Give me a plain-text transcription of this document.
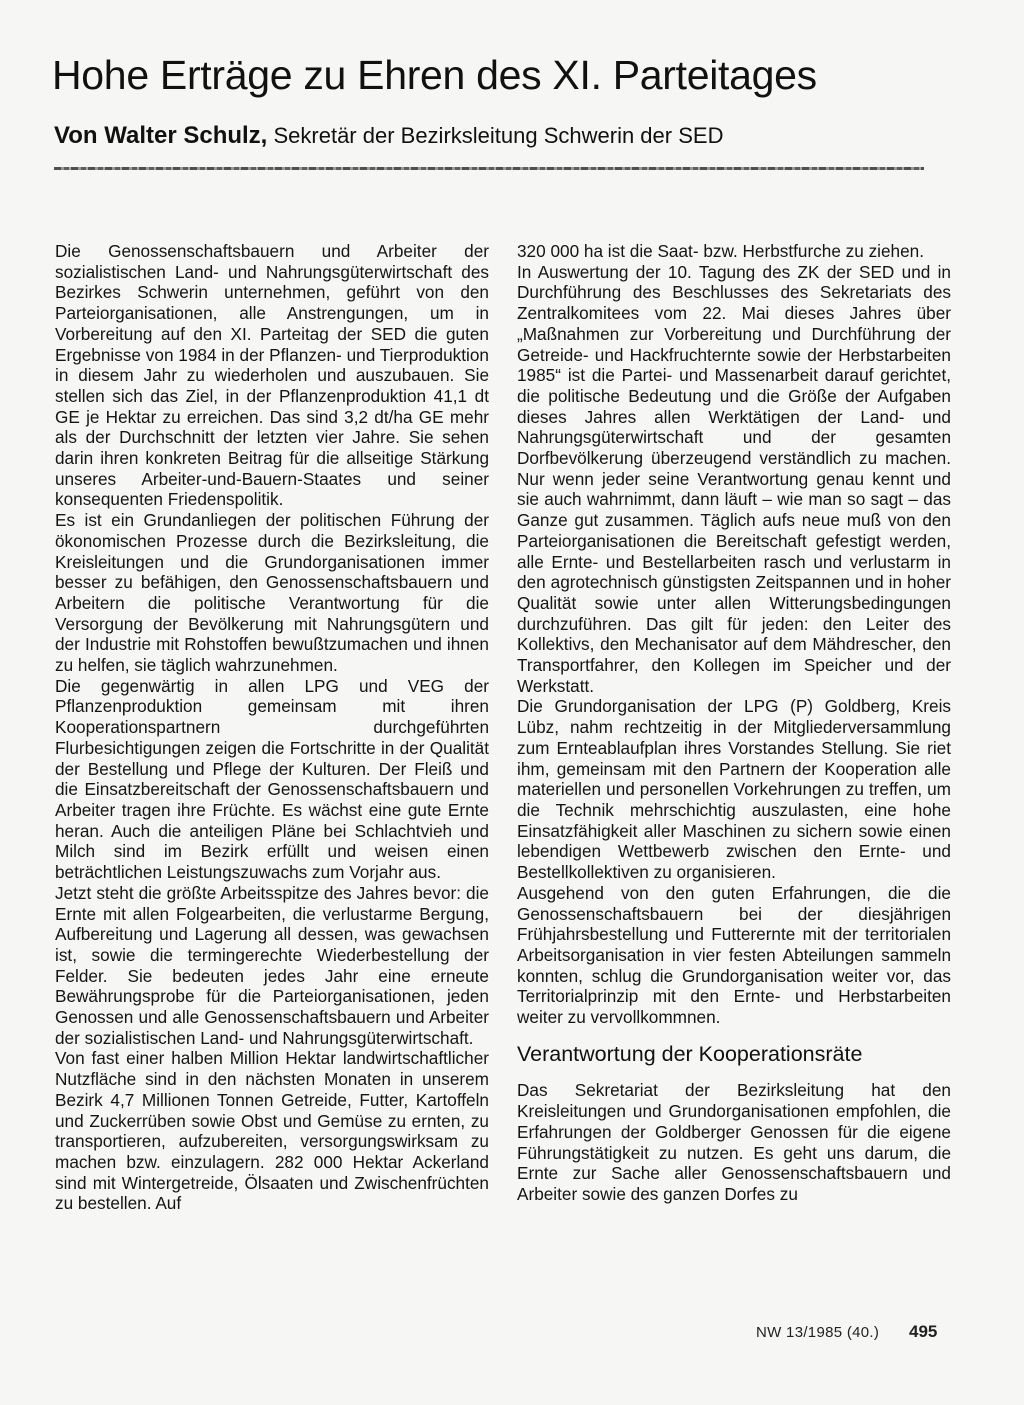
Hohe Erträge zu Ehren des XI. Parteitages
Von Walter Schulz, Sekretär der Bezirksleitung Schwerin der SED

Die Genossenschaftsbauern und Arbeiter der sozialistischen Land- und Nahrungsgüterwirtschaft des Bezirkes Schwerin unternehmen, geführt von den Parteiorganisationen, alle Anstrengungen, um in Vorbereitung auf den XI. Parteitag der SED die guten Ergebnisse von 1984 in der Pflanzen- und Tierproduktion in diesem Jahr zu wiederholen und auszubauen. Sie stellen sich das Ziel, in der Pflanzenproduktion 41,1 dt GE je Hektar zu erreichen. Das sind 3,2 dt/ha GE mehr als der Durchschnitt der letzten vier Jahre. Sie sehen darin ihren konkreten Beitrag für die allseitige Stärkung unseres Arbeiter-und-Bauern-Staates und seiner konsequenten Friedenspolitik.

Es ist ein Grundanliegen der politischen Führung der ökonomischen Prozesse durch die Bezirksleitung, die Kreisleitungen und die Grundorganisationen immer besser zu befähigen, den Genossenschaftsbauern und Arbeitern die politische Verantwortung für die Versorgung der Bevölkerung mit Nahrungsgütern und der Industrie mit Rohstoffen bewußtzumachen und ihnen zu helfen, sie täglich wahrzunehmen.

Die gegenwärtig in allen LPG und VEG der Pflanzenproduktion gemeinsam mit ihren Kooperationspartnern durchgeführten Flurbesichtigungen zeigen die Fortschritte in der Qualität der Bestellung und Pflege der Kulturen. Der Fleiß und die Einsatzbereitschaft der Genossenschaftsbauern und Arbeiter tragen ihre Früchte. Es wächst eine gute Ernte heran. Auch die anteiligen Pläne bei Schlachtvieh und Milch sind im Bezirk erfüllt und weisen einen beträchtlichen Leistungszuwachs zum Vorjahr aus.

Jetzt steht die größte Arbeitsspitze des Jahres bevor: die Ernte mit allen Folgearbeiten, die verlustarme Bergung, Aufbereitung und Lagerung all dessen, was gewachsen ist, sowie die termingerechte Wiederbestellung der Felder. Sie bedeuten jedes Jahr eine erneute Bewährungsprobe für die Parteiorganisationen, jeden Genossen und alle Genossenschaftsbauern und Arbeiter der sozialistischen Land- und Nahrungsgüterwirtschaft.

Von fast einer halben Million Hektar landwirtschaftlicher Nutzfläche sind in den nächsten Monaten in unserem Bezirk 4,7 Millionen Tonnen Getreide, Futter, Kartoffeln und Zuckerrüben sowie Obst und Gemüse zu ernten, zu transportieren, aufzubereiten, versorgungswirksam zu machen bzw. einzulagern. 282 000 Hektar Ackerland sind mit Wintergetreide, Ölsaaten und Zwischenfrüchten zu bestellen. Auf

320 000 ha ist die Saat- bzw. Herbstfurche zu ziehen.

In Auswertung der 10. Tagung des ZK der SED und in Durchführung des Beschlusses des Sekretariats des Zentralkomitees vom 22. Mai dieses Jahres über „Maßnahmen zur Vorbereitung und Durchführung der Getreide- und Hackfruchternte sowie der Herbstarbeiten 1985“ ist die Partei- und Massenarbeit darauf gerichtet, die politische Bedeutung und die Größe der Aufgaben dieses Jahres allen Werktätigen der Land- und Nahrungsgüterwirtschaft und der gesamten Dorfbevölkerung überzeugend verständlich zu machen. Nur wenn jeder seine Verantwortung genau kennt und sie auch wahrnimmt, dann läuft – wie man so sagt – das Ganze gut zusammen. Täglich aufs neue muß von den Parteiorganisationen die Bereitschaft gefestigt werden, alle Ernte- und Bestellarbeiten rasch und verlustarm in den agrotechnisch günstigsten Zeitspannen und in hoher Qualität sowie unter allen Witterungsbedingungen durchzuführen. Das gilt für jeden: den Leiter des Kollektivs, den Mechanisator auf dem Mähdrescher, den Transportfahrer, den Kollegen im Speicher und der Werkstatt.

Die Grundorganisation der LPG (P) Goldberg, Kreis Lübz, nahm rechtzeitig in der Mitgliederversammlung zum Ernteablaufplan ihres Vorstandes Stellung. Sie riet ihm, gemeinsam mit den Partnern der Kooperation alle materiellen und personellen Vorkehrungen zu treffen, um die Technik mehrschichtig auszulasten, eine hohe Einsatzfähigkeit aller Maschinen zu sichern sowie einen lebendigen Wettbewerb zwischen den Ernte- und Bestellkollektiven zu organisieren.

Ausgehend von den guten Erfahrungen, die die Genossenschaftsbauern bei der diesjährigen Frühjahrsbestellung und Futterernte mit der territorialen Arbeitsorganisation in vier festen Abteilungen sammeln konnten, schlug die Grundorganisation weiter vor, das Territorialprinzip mit den Ernte- und Herbstarbeiten weiter zu vervollkommnen.

Verantwortung der Kooperationsräte

Das Sekretariat der Bezirksleitung hat den Kreisleitungen und Grundorganisationen empfohlen, die Erfahrungen der Goldberger Genossen für die eigene Führungstätigkeit zu nutzen. Es geht uns darum, die Ernte zur Sache aller Genossenschaftsbauern und Arbeiter sowie des ganzen Dorfes zu

NW 13/1985 (40.) 495
